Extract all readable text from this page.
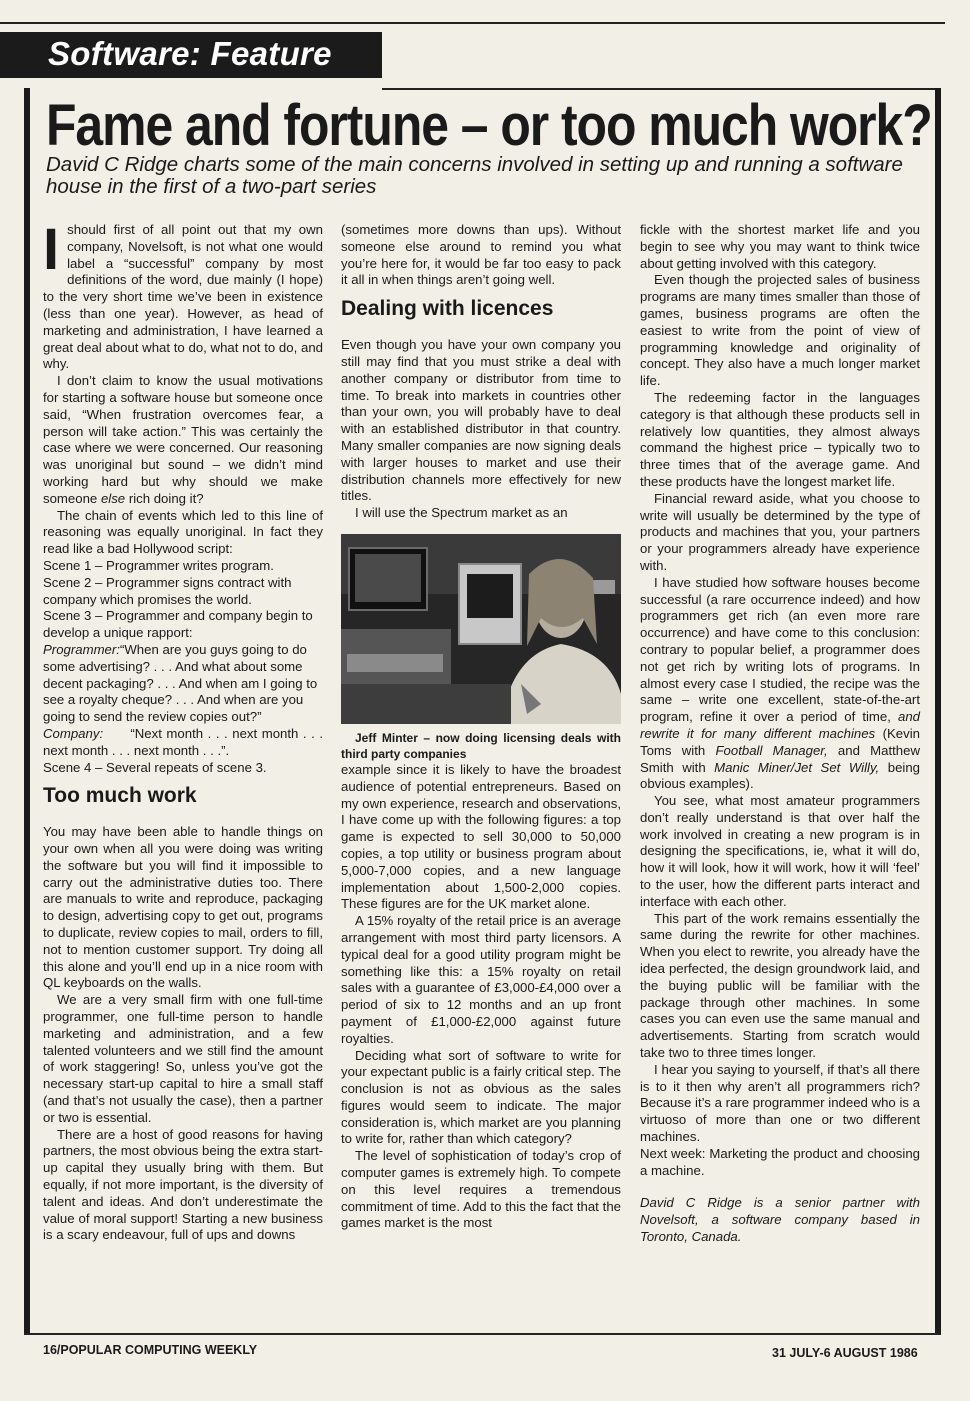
Software: Feature
Fame and fortune – or too much work?

David C Ridge charts some of the main concerns involved in setting up and running a software house in the first of a two-part series

Ishould first of all point out that my own company, Novelsoft, is not what one would label a “successful” company by most definitions of the word, due mainly (I hope) to the very short time we’ve been in existence (less than one year). However, as head of marketing and administration, I have learned a great deal about what to do, what not to do, and why.

I don’t claim to know the usual motivations for starting a software house but someone once said, “When frustration overcomes fear, a person will take action.” This was certainly the case where we were concerned. Our reasoning was unoriginal but sound – we didn’t mind working hard but why should we make someone else rich doing it?

The chain of events which led to this line of reasoning was equally unoriginal. In fact they read like a bad Hollywood script:

Scene 1 – Programmer writes program.

Scene 2 – Programmer signs contract with company which promises the world.

Scene 3 – Programmer and company begin to develop a unique rapport:

Programmer:“When are you guys going to do some advertising? . . . And what about some decent packaging? . . . And when am I going to see a royalty cheque? . . . And when are you going to send the review copies out?”

Company: “Next month . . . next month . . . next month . . . next month . . .”.

Scene 4 – Several repeats of scene 3.

Too much work

You may have been able to handle things on your own when all you were doing was writing the software but you will find it impossible to carry out the administrative duties too. There are manuals to write and reproduce, packaging to design, advertising copy to get out, programs to duplicate, review copies to mail, orders to fill, not to mention customer support. Try doing all this alone and you’ll end up in a nice room with QL keyboards on the walls.

We are a very small firm with one full-time programmer, one full-time person to handle marketing and administration, and a few talented volunteers and we still find the amount of work staggering! So, unless you’ve got the necessary start-up capital to hire a small staff (and that’s not usually the case), then a partner or two is essential.

There are a host of good reasons for having partners, the most obvious being the extra start-up capital they usually bring with them. But equally, if not more important, is the diversity of talent and ideas. And don’t underestimate the value of moral support! Starting a new business is a scary endeavour, full of ups and downs

(sometimes more downs than ups). Without someone else around to remind you what you’re here for, it would be far too easy to pack it all in when things aren’t going well.

Dealing with licences

Even though you have your own company you still may find that you must strike a deal with another company or distributor from time to time. To break into markets in countries other than your own, you will probably have to deal with an established distributor in that country. Many smaller companies are now signing deals with larger houses to market and use their distribution channels more effectively for new titles.

I will use the Spectrum market as an

Jeff Minter – now doing licensing deals with third party companies

example since it is likely to have the broadest audience of potential entrepreneurs. Based on my own experience, research and observations, I have come up with the following figures: a top game is expected to sell 30,000 to 50,000 copies, a top utility or business program about 5,000-7,000 copies, and a new language implementation about 1,500-2,000 copies. These figures are for the UK market alone.

A 15% royalty of the retail price is an average arrangement with most third party licensors. A typical deal for a good utility program might be something like this: a 15% royalty on retail sales with a guarantee of £3,000-£4,000 over a period of six to 12 months and an up front payment of £1,000-£2,000 against future royalties.

Deciding what sort of software to write for your expectant public is a fairly critical step. The conclusion is not as obvious as the sales figures would seem to indicate. The major consideration is, which market are you planning to write for, rather than which category?

The level of sophistication of today’s crop of computer games is extremely high. To compete on this level requires a tremendous commitment of time. Add to this the fact that the games market is the most

fickle with the shortest market life and you begin to see why you may want to think twice about getting involved with this category.

Even though the projected sales of business programs are many times smaller than those of games, business programs are often the easiest to write from the point of view of programming knowledge and originality of concept. They also have a much longer market life.

The redeeming factor in the languages category is that although these products sell in relatively low quantities, they almost always command the highest price – typically two to three times that of the average game. And these products have the longest market life.

Financial reward aside, what you choose to write will usually be determined by the type of products and machines that you, your partners or your programmers already have experience with.

I have studied how software houses become successful (a rare occurrence indeed) and how programmers get rich (an even more rare occurrence) and have come to this conclusion: contrary to popular belief, a programmer does not get rich by writing lots of programs. In almost every case I studied, the recipe was the same – write one excellent, state-of-the-art program, refine it over a period of time, and rewrite it for many different machines (Kevin Toms with Football Manager, and Matthew Smith with Manic Miner/Jet Set Willy, being obvious examples).

You see, what most amateur programmers don’t really understand is that over half the work involved in creating a new program is in designing the specifications, ie, what it will do, how it will look, how it will work, how it will ‘feel’ to the user, how the different parts interact and interface with each other.

This part of the work remains essentially the same during the rewrite for other machines. When you elect to rewrite, you already have the idea perfected, the design groundwork laid, and the buying public will be familiar with the package through other machines. In some cases you can even use the same manual and advertisements. Starting from scratch would take two to three times longer.

I hear you saying to yourself, if that’s all there is to it then why aren’t all programmers rich? Because it’s a rare programmer indeed who is a virtuoso of more than one or two different machines.

Next week: Marketing the product and choosing a machine.

David C Ridge is a senior partner with Novelsoft, a software company based in Toronto, Canada.

16/POPULAR COMPUTING WEEKLY	31 JULY-6 AUGUST 1986
